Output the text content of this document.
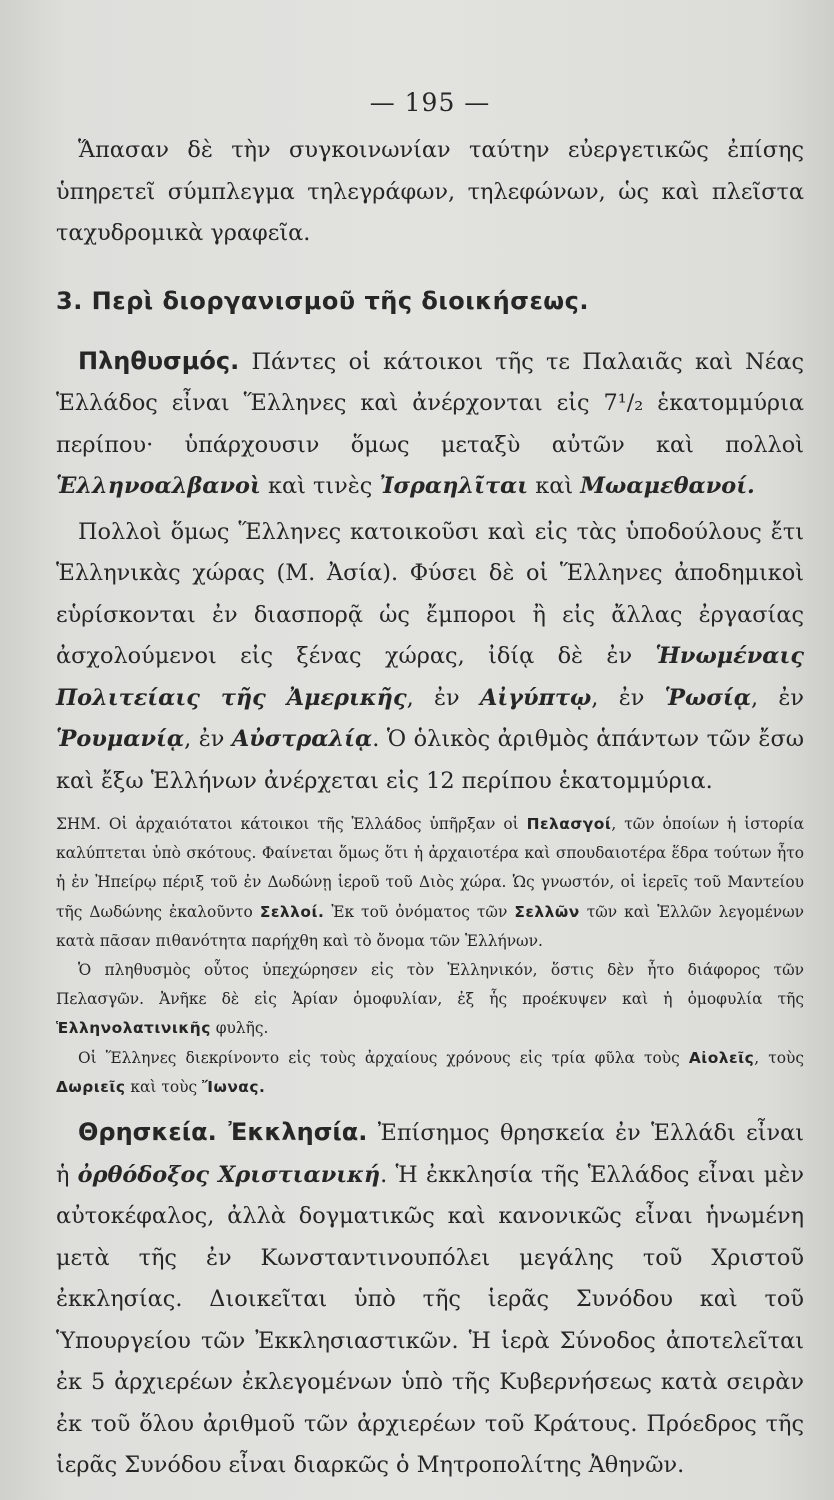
— 195 —

Ἅπασαν δὲ τὴν συγκοινωνίαν ταύτην εὐεργετικῶς ἐπίσης ὑπηρετεῖ σύμπλεγμα τηλεγράφων, τηλεφώνων, ὡς καὶ πλεῖστα ταχυδρομικὰ γραφεῖα.

3. Περὶ διοργανισμοῦ τῆς διοικήσεως.

Πληθυσμός. Πάντες οἱ κάτοικοι τῆς τε Παλαιᾶς καὶ Νέας Ἑλλάδος εἶναι Ἕλληνες καὶ ἀνέρχονται εἰς 7¹/₂ ἑκατομμύρια περίπου· ὑπάρχουσιν ὅμως μεταξὺ αὐτῶν καὶ πολλοὶ Ἑλληνοαλβανοὶ καὶ τινὲς Ἰσραηλῖται καὶ Μωαμεθανοί.

Πολλοὶ ὅμως Ἕλληνες κατοικοῦσι καὶ εἰς τὰς ὑποδούλους ἔτι Ἑλληνικὰς χώρας (Μ. Ἀσία). Φύσει δὲ οἱ Ἕλληνες ἀποδημικοὶ εὑρίσκονται ἐν διασπορᾷ ὡς ἔμποροι ἢ εἰς ἄλλας ἐργασίας ἀσχολούμενοι εἰς ξένας χώρας, ἰδίᾳ δὲ ἐν Ἡνωμέναις Πολιτείαις τῆς Ἀμερικῆς, ἐν Αἰγύπτῳ, ἐν Ῥωσίᾳ, ἐν Ῥουμανίᾳ, ἐν Αὐστραλίᾳ. Ὁ ὁλικὸς ἀριθμὸς ἁπάντων τῶν ἔσω καὶ ἔξω Ἑλλήνων ἀνέρχεται εἰς 12 περίπου ἑκατομμύρια.

ΣΗΜ. Οἱ ἀρχαιότατοι κάτοικοι τῆς Ἑλλάδος ὑπῆρξαν οἱ Πελασγοί, τῶν ὁποίων ἡ ἱστορία καλύπτεται ὑπὸ σκότους. Φαίνεται ὅμως ὅτι ἡ ἀρχαιοτέρα καὶ σπουδαιοτέρα ἕδρα τούτων ἦτο ἡ ἐν Ἠπείρῳ πέριξ τοῦ ἐν Δωδώνῃ ἱεροῦ τοῦ Διὸς χώρα. Ὡς γνωστόν, οἱ ἱερεῖς τοῦ Μαντείου τῆς Δωδώνης ἐκαλοῦντο Σελλοί. Ἐκ τοῦ ὀνόματος τῶν Σελλῶν τῶν καὶ Ἑλλῶν λεγομένων κατὰ πᾶσαν πιθανότητα παρήχθη καὶ τὸ ὄνομα τῶν Ἑλλήνων.

Ὁ πληθυσμὸς οὗτος ὑπεχώρησεν εἰς τὸν Ἑλληνικόν, ὅστις δὲν ἦτο διάφορος τῶν Πελασγῶν. Ἀνῆκε δὲ εἰς Ἀρίαν ὁμοφυλίαν, ἐξ ἧς προέκυψεν καὶ ἡ ὁμοφυλία τῆς Ἑλληνολατινικῆς φυλῆς.

Οἱ Ἕλληνες διεκρίνοντο εἰς τοὺς ἀρχαίους χρόνους εἰς τρία φῦλα τοὺς Αἰολεῖς, τοὺς Δωριεῖς καὶ τοὺς Ἴωνας.

Θρησκεία. Ἐκκλησία. Ἐπίσημος θρησκεία ἐν Ἑλλάδι εἶναι ἡ ὀρθόδοξος Χριστιανική. Ἡ ἐκκλησία τῆς Ἑλλάδος εἶναι μὲν αὐτοκέφαλος, ἀλλὰ δογματικῶς καὶ κανονικῶς εἶναι ἡνωμένη μετὰ τῆς ἐν Κωνσταντινουπόλει μεγάλης τοῦ Χριστοῦ ἐκκλησίας. Διοικεῖται ὑπὸ τῆς ἱερᾶς Συνόδου καὶ τοῦ Ὑπουργείου τῶν Ἐκκλησιαστικῶν. Ἡ ἱερὰ Σύνοδος ἀποτελεῖται ἐκ 5 ἀρχιερέων ἐκλεγομένων ὑπὸ τῆς Κυβερνήσεως κατὰ σειρὰν ἐκ τοῦ ὅλου ἀριθμοῦ τῶν ἀρχιερέων τοῦ Κράτους. Πρόεδρος τῆς ἱερᾶς Συνόδου εἶναι διαρκῶς ὁ Μητροπολίτης Ἀθηνῶν.
